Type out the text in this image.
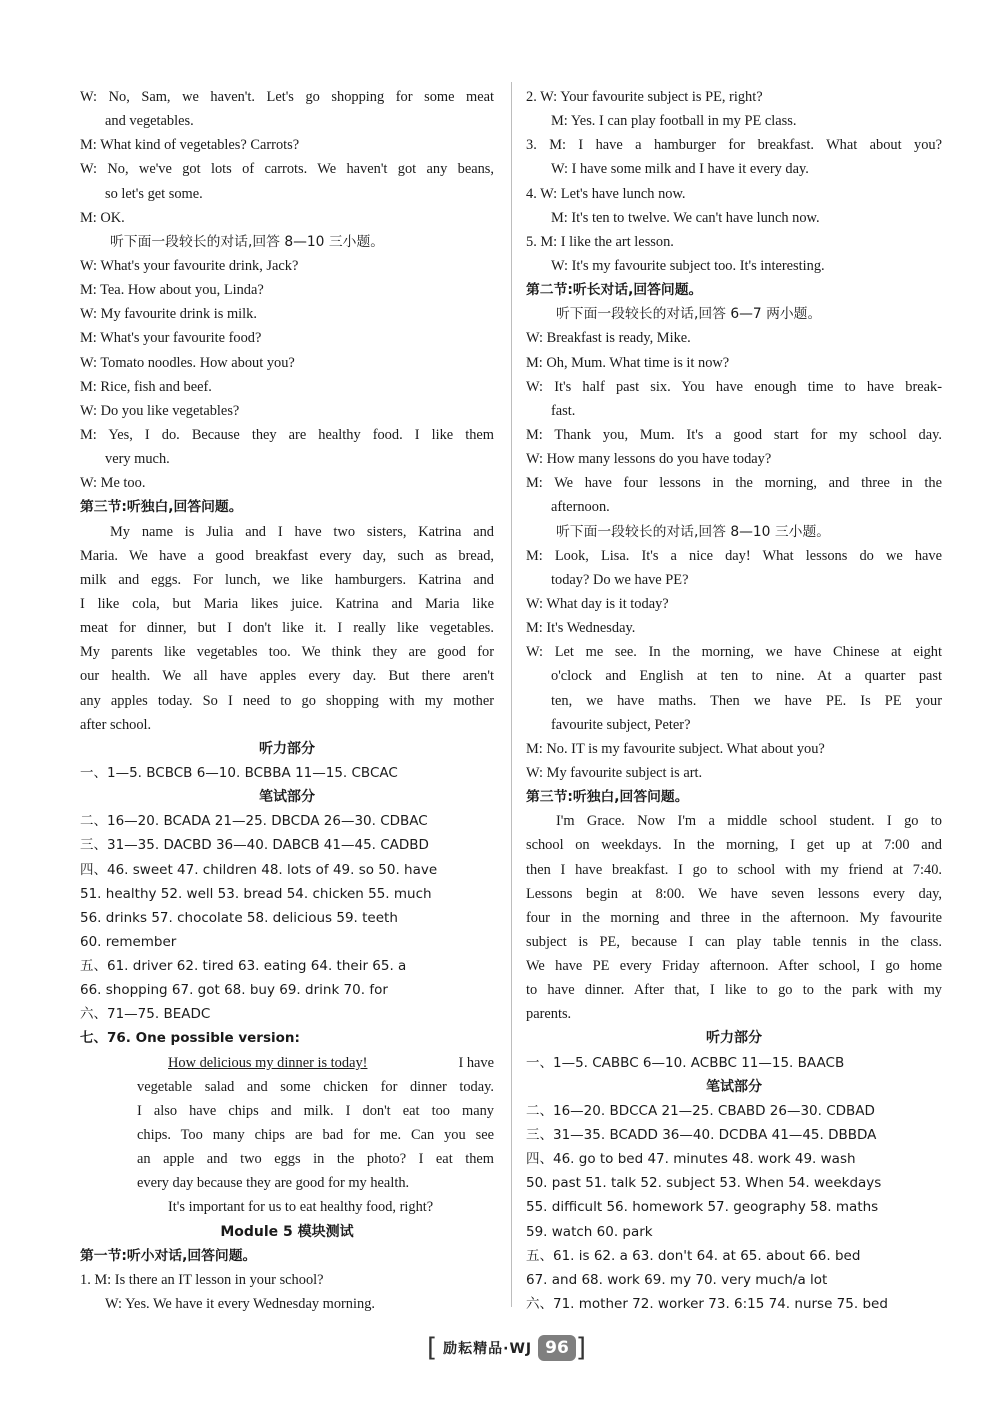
W: No, Sam, we haven't. Let's go shopping for some meat
and vegetables.
M: What kind of vegetables? Carrots?
W: No, we've got lots of carrots. We haven't got any beans,
so let's get some.
M: OK.
听下面一段较长的对话,回答 8—10 三小题。
W: What's your favourite drink, Jack?
M: Tea. How about you, Linda?
W: My favourite drink is milk.
M: What's your favourite food?
W: Tomato noodles. How about you?
M: Rice, fish and beef.
W: Do you like vegetables?
M: Yes, I do. Because they are healthy food. I like them
very much.
W: Me too.
第三节:听独白,回答问题。
My name is Julia and I have two sisters, Katrina and
Maria. We have a good breakfast every day, such as bread,
milk and eggs. For lunch, we like hamburgers. Katrina and
I like cola, but Maria likes juice. Katrina and Maria like
meat for dinner, but I don't like it. I really like vegetables.
My parents like vegetables too. We think they are good for
our health. We all have apples every day. But there aren't
any apples today. So I need to go shopping with my mother
after school.
听力部分
一、1—5. BCBCB 6—10. BCBBA 11—15. CBCAC
笔试部分
二、16—20. BCADA 21—25. DBCDA 26—30. CDBAC
三、31—35. DACBD 36—40. DABCB 41—45. CADBD
四、46. sweet 47. children 48. lots of 49. so 50. have
51. healthy 52. well 53. bread 54. chicken 55. much
56. drinks 57. chocolate 58. delicious 59. teeth
60. remember
五、61. driver 62. tired 63. eating 64. their 65. a
66. shopping 67. got 68. buy 69. drink 70. for
六、71—75. BEADC
七、76. One possible version:
How delicious my dinner is today!	I have
vegetable salad and some chicken for dinner today.
I also have chips and milk. I don't eat too many
chips. Too many chips are bad for me. Can you see
an apple and two eggs in the photo? I eat them
every day because they are good for my health.
It's important for us to eat healthy food, right?
Module 5 模块测试
第一节:听小对话,回答问题。
1. M: Is there an IT lesson in your school?
W: Yes. We have it every Wednesday morning.
2. W: Your favourite subject is PE, right?
M: Yes. I can play football in my PE class.
3. M: I have a hamburger for breakfast. What about you?
W: I have some milk and I have it every day.
4. W: Let's have lunch now.
M: It's ten to twelve. We can't have lunch now.
5. M: I like the art lesson.
W: It's my favourite subject too. It's interesting.
第二节:听长对话,回答问题。
听下面一段较长的对话,回答 6—7 两小题。
W: Breakfast is ready, Mike.
M: Oh, Mum. What time is it now?
W: It's half past six. You have enough time to have break-
fast.
M: Thank you, Mum. It's a good start for my school day.
W: How many lessons do you have today?
M: We have four lessons in the morning, and three in the
afternoon.
听下面一段较长的对话,回答 8—10 三小题。
M: Look, Lisa. It's a nice day! What lessons do we have
today? Do we have PE?
W: What day is it today?
M: It's Wednesday.
W: Let me see. In the morning, we have Chinese at eight
o'clock and English at ten to nine. At a quarter past
ten, we have maths. Then we have PE. Is PE your
favourite subject, Peter?
M: No. IT is my favourite subject. What about you?
W: My favourite subject is art.
第三节:听独白,回答问题。
I'm Grace. Now I'm a middle school student. I go to
school on weekdays. In the morning, I get up at 7:00 and
then I have breakfast. I go to school with my friend at 7:40.
Lessons begin at 8:00. We have seven lessons every day,
four in the morning and three in the afternoon. My favourite
subject is PE, because I can play table tennis in the class.
We have PE every Friday afternoon. After school, I go home
to have dinner. After that, I like to go to the park with my
parents.
听力部分
一、1—5. CABBC 6—10. ACBBC 11—15. BAACB
笔试部分
二、16—20. BDCCA 21—25. CBABD 26—30. CDBAD
三、31—35. BCADD 36—40. DCDBA 41—45. DBBDA
四、46. go to bed 47. minutes 48. work 49. wash
50. past 51. talk 52. subject 53. When 54. weekdays
55. difficult 56. homework 57. geography 58. maths
59. watch 60. park
五、61. is 62. a 63. don't 64. at 65. about 66. bed
67. and 68. work 69. my 70. very much/a lot
六、71. mother 72. worker 73. 6:15 74. nurse 75. bed
[ 励耘精品·WJ 96 ]
